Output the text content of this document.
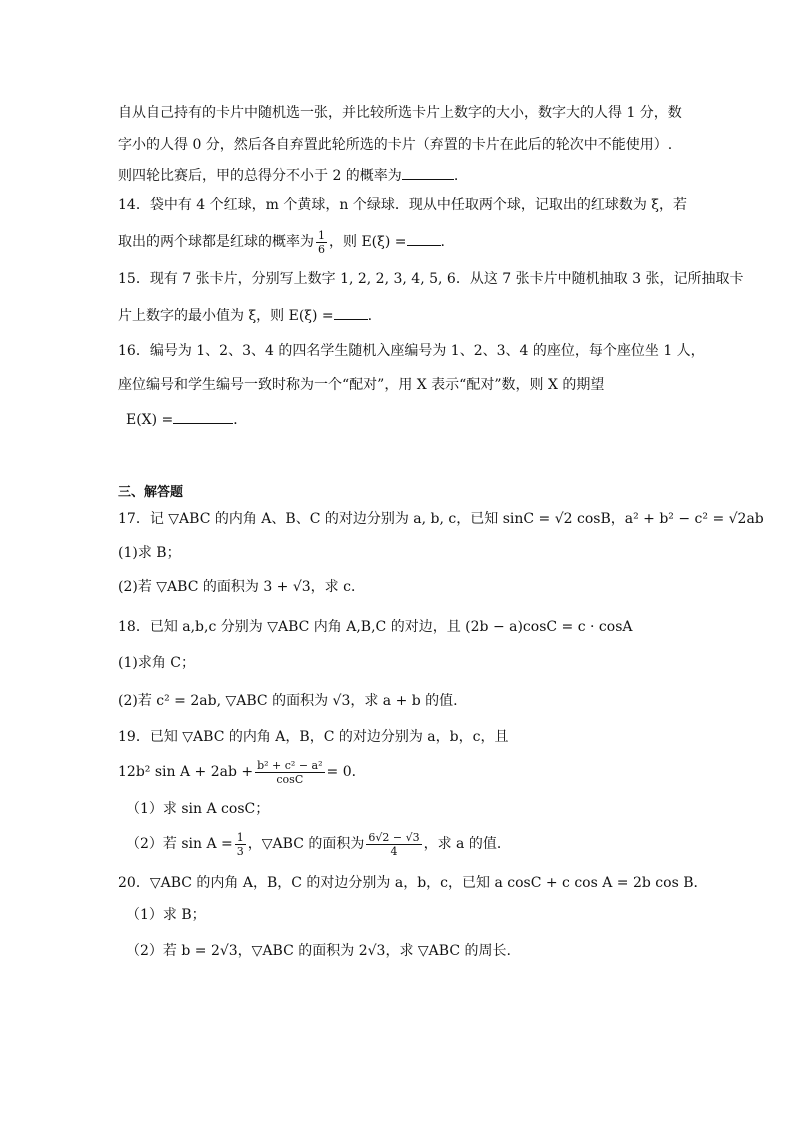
自从自己持有的卡片中随机选一张，并比较所选卡片上数字的大小，数字大的人得 1 分，数
字小的人得 0 分，然后各自弃置此轮所选的卡片（弃置的卡片在此后的轮次中不能使用）.
则四轮比赛后，甲的总得分不小于 2 的概率为	.
14．袋中有 4 个红球，m 个黄球，n 个绿球．现从中任取两个球，记取出的红球数为 ξ，若
取出的两个球都是红球的概率为 $\frac{1}{6}$ ，则 E(ξ) = .
15．现有 7 张卡片，分别写上数字 1, 2, 2, 3, 4, 5, 6．从这 7 张卡片中随机抽取 3 张，记所抽取卡
片上数字的最小值为 ξ，则 E(ξ) = .
16．编号为 1、2、3、4 的四名学生随机入座编号为 1、2、3、4 的座位，每个座位坐 1 人，
座位编号和学生编号一致时称为一个“配对”，用 X 表示“配对”数，则 X 的期望
E(X) =	．
三、解答题
17．记 ▽ABC 的内角 A、B、C 的对边分别为 a, b, c，已知 sinC = √2 cosB，a² + b² − c² = √2ab
(1)求 B；
(2)若 ▽ABC 的面积为 3 + √3，求 c．
18．已知 a,b,c 分别为 ▽ABC 内角 A,B,C 的对边，且 (2b − a)cosC = c · cosA
(1)求角 C；
(2)若 c² = 2ab, ▽ABC 的面积为 √3，求 a + b 的值.
19．已知 ▽ABC 的内角 A，B，C 的对边分别为 a，b，c，且
12b² $\sin A + 2ab + \frac{\text{b² + c² − a²}}{\cos C} = 0$．
（1）求 sin A cosC；
（2）若 $\sin A = \frac{1}{3}$ ，▽ABC 的面积为 $\frac{6√2 - √3}{4}$ ，求 a 的值．
20．▽ABC 的内角 A，B，C 的对边分别为 a，b，c，已知 a cosC + c cos A = 2b cos B．
（1）求 B；
（2）若 b = 2√3，▽ABC 的面积为 2√3，求 ▽ABC 的周长.
